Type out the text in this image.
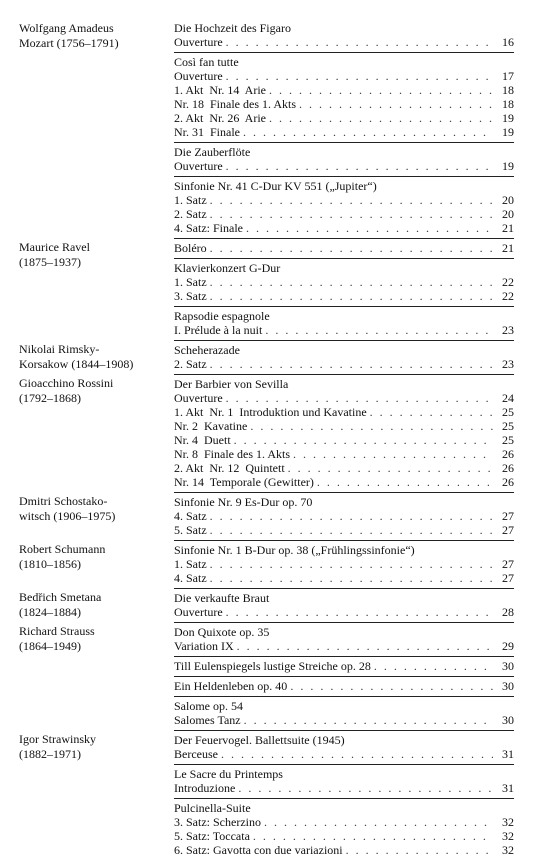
Wolfgang Amadeus
Mozart (1756–1791)
Die Hochzeit des Figaro
Ouverture . . .	16
Così fan tutte
Ouverture . . .	17
1. Akt  Nr. 14  Arie . . .	18
Nr. 18  Finale des 1. Akts . . .	18
2. Akt  Nr. 26  Arie . . .	19
Nr. 31  Finale . . .	19
Die Zauberflöte
Ouverture . . .	19
Sinfonie Nr. 41 C-Dur KV 551 („Jupiter“)
1. Satz . . .	20
2. Satz . . .	20
4. Satz: Finale . . .	21
Maurice Ravel
(1875–1937)
Boléro . . .	21
Klavierkonzert G-Dur
1. Satz . . .	22
3. Satz . . .	22
Rapsodie espagnole
I. Prélude à la nuit . . .	23
Nikolai Rimsky-
Korsakow (1844–1908)
Scheherazade
2. Satz . . .	23
Gioacchino Rossini
(1792–1868)
Der Barbier von Sevilla
Ouverture . . .	24
1. Akt  Nr. 1  Introduktion und Kavatine . . .	25
Nr. 2  Kavatine . . .	25
Nr. 4  Duett . . .	25
Nr. 8  Finale des 1. Akts . . .	26
2. Akt  Nr. 12  Quintett . . .	26
Nr. 14  Temporale (Gewitter) . . .	26
Dmitri Schostako-
witsch (1906–1975)
Sinfonie Nr. 9 Es-Dur op. 70
4. Satz . . .	27
5. Satz . . .	27
Robert Schumann
(1810–1856)
Sinfonie Nr. 1 B-Dur op. 38 („Frühlingssinfonie“)
1. Satz . . .	27
4. Satz . . .	27
Bedřich Smetana
(1824–1884)
Die verkaufte Braut
Ouverture . . .	28
Richard Strauss
(1864–1949)
Don Quixote op. 35
Variation IX . . .	29
Till Eulenspiegels lustige Streiche op. 28 . . .	30
Ein Heldenleben op. 40 . . .	30
Salome op. 54
Salomes Tanz . . .	30
Igor Strawinsky
(1882–1971)
Der Feuervogel. Ballettsuite (1945)
Berceuse . . .	31
Le Sacre du Printemps
Introduzione . . .	31
Pulcinella-Suite
3. Satz: Scherzino . . .	32
5. Satz: Toccata . . .	32
6. Satz: Gavotta con due variazioni . . .	32
